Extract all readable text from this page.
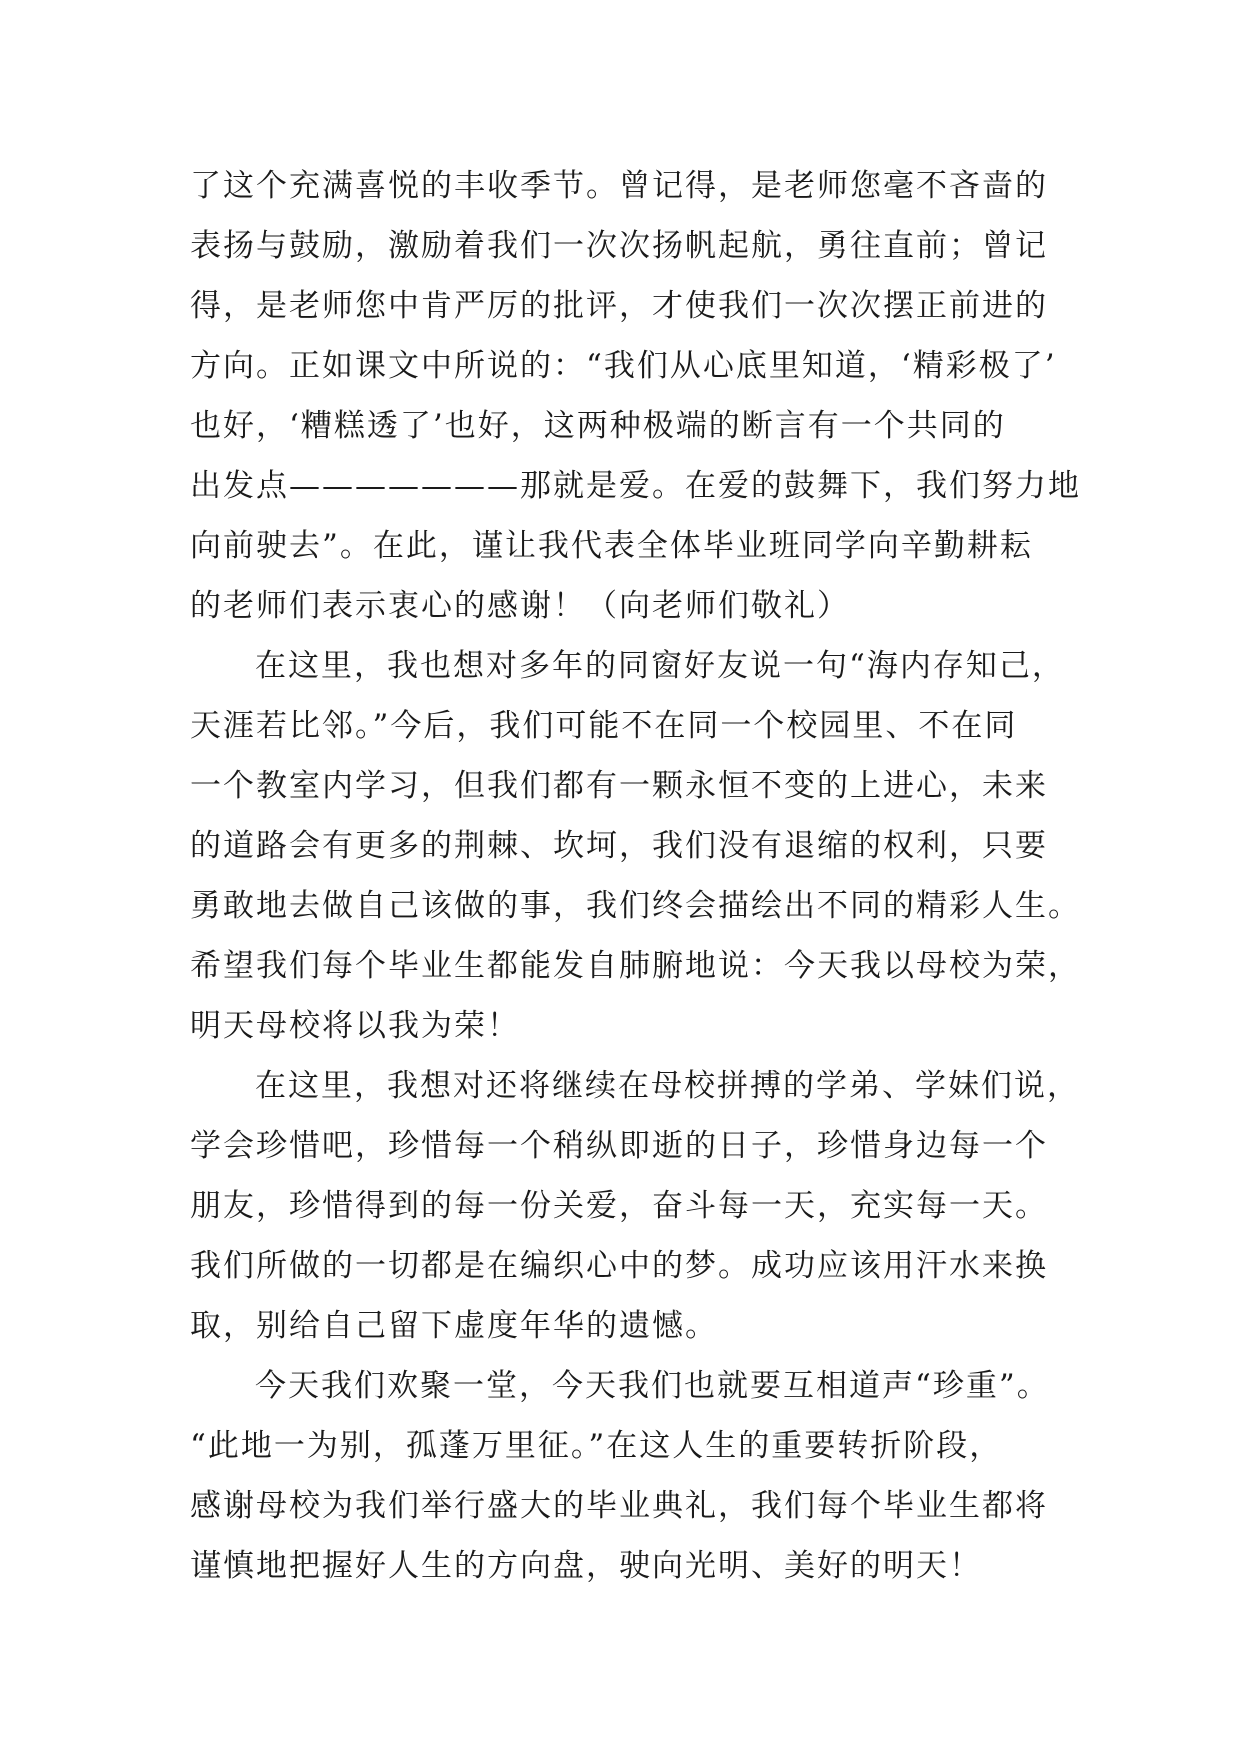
了这个充满喜悦的丰收季节。曾记得，是老师您毫不吝啬的
表扬与鼓励，激励着我们一次次扬帆起航，勇往直前；曾记
得，是老师您中肯严厉的批评，才使我们一次次摆正前进的
方向。正如课文中所说的：“我们从心底里知道，‘精彩极了’
也好，‘糟糕透了’也好，这两种极端的断言有一个共同的
出发点———————那就是爱。在爱的鼓舞下，我们努力地
向前驶去”。在此，谨让我代表全体毕业班同学向辛勤耕耘
的老师们表示衷心的感谢！（向老师们敬礼）
在这里，我也想对多年的同窗好友说一句“海内存知己，
天涯若比邻。”今后，我们可能不在同一个校园里、不在同
一个教室内学习，但我们都有一颗永恒不变的上进心，未来
的道路会有更多的荆棘、坎坷，我们没有退缩的权利，只要
勇敢地去做自己该做的事，我们终会描绘出不同的精彩人生。
希望我们每个毕业生都能发自肺腑地说：今天我以母校为荣，
明天母校将以我为荣！
在这里，我想对还将继续在母校拼搏的学弟、学妹们说，
学会珍惜吧，珍惜每一个稍纵即逝的日子，珍惜身边每一个
朋友，珍惜得到的每一份关爱，奋斗每一天，充实每一天。
我们所做的一切都是在编织心中的梦。成功应该用汗水来换
取，别给自己留下虚度年华的遗憾。
今天我们欢聚一堂，今天我们也就要互相道声“珍重”。
“此地一为别，孤蓬万里征。”在这人生的重要转折阶段，
感谢母校为我们举行盛大的毕业典礼，我们每个毕业生都将
谨慎地把握好人生的方向盘，驶向光明、美好的明天！
